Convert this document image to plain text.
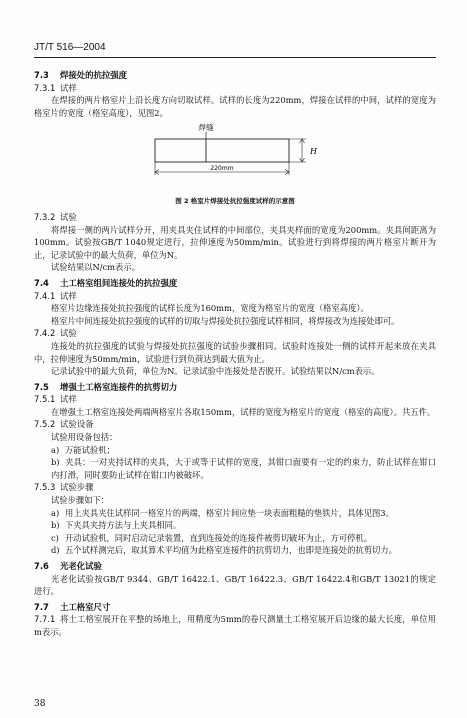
JT/T 516—2004
7.3 焊接处的抗拉强度
7.3.1 试样
在焊接的两片格室片上沿长度方向切取试样。试样的长度为220mm，焊接在试样的中间，试样的宽度为格室片的宽度（格室高度），见图2。
焊缝
H
220mm
图 2 格室片焊接处抗拉强度试样的示意图
7.3.2 试验
将焊接一侧的两片试样分开，用夹具夹住试样的中间部位，夹具夹样面的宽度为200mm。夹具间距离为100mm。试验按GB/T 1040规定进行，拉伸速度为50mm/min。试验进行到将焊接的两片格室片断开为止，记录试验中的最大负荷，单位为N。
试验结果以N/cm表示。
7.4 土工格室组间连接处的抗拉强度
7.4.1 试样
格室片边缘连接处抗拉强度的试样长度为160mm，宽度为格室片的宽度（格室高度）。
格室片中间连接处抗拉强度的试样的切取与焊接处抗拉强度试样相同，将焊接改为连接处即可。
7.4.2 试验
连接处的抗拉强度的试验与焊接处抗拉强度的试验步骤相同。试验时连接处一侧的试样开起来放在夹具中，拉伸速度为50mm/min，试验进行到负荷达到最大值为止。
记录试验中的最大负荷，单位为N。记录试验中连接处是否脱开。试验结果以N/cm表示。
7.5 增强土工格室连接件的抗剪切力
7.5.1 试样
在增强土工格室连接处两端两格室片各取150mm，试样的宽度为格室片的宽度（格室的高度）。共五件。
7.5.2 试验设备
试验用设备包括：
a) 万能试验机；
b) 夹具：一对夹持试样的夹具，大于或等于试样的宽度，其钳口面要有一定的约束力，防止试样在钳口内打滑，同时要防止试样在钳口内被破坏。
7.5.3 试验步骤
试验步骤如下：
a) 用上夹具夹住试样同一格室片的两端，格室片间应垫一块表面粗糙的垫铁片，具体见图3。
b) 下夹具夹持方法与上夹具相同。
c) 开动试验机，同时启动记录装置，直到连接处的连接件被剪切破坏为止，方可停机。
d) 五个试样测完后，取其算术平均值为此格室连接件的抗剪切力，也即是连接处的抗剪切力。
7.6 光老化试验
光老化试验按GB/T 9344、GB/T 16422.1、GB/T 16422.3、GB/T 16422.4和GB/T 13021的规定进行。
7.7 土工格室尺寸
7.7.1 将土工格室展开在平整的场地上，用精度为5mm的卷尺测量土工格室展开后边缘的最大长度，单位用m表示。
38
